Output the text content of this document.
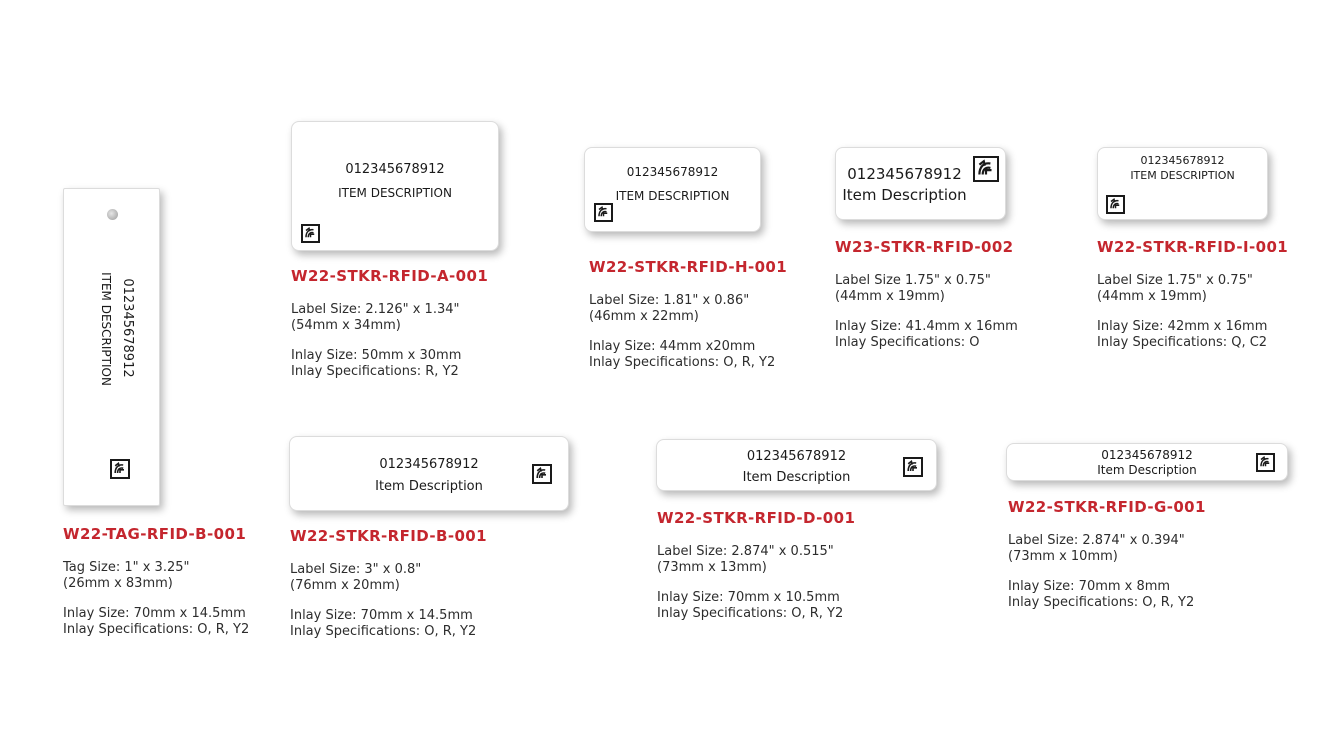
012345678912
ITEM DESCRIPTION
W22-TAG-RFID-B-001
Tag Size: 1" x 3.25"
(26mm x 83mm)
Inlay Size: 70mm x 14.5mm
Inlay Specifications: O, R, Y2
012345678912
ITEM DESCRIPTION
W22-STKR-RFID-A-001
Label Size: 2.126" x 1.34"
(54mm x 34mm)
Inlay Size: 50mm x 30mm
Inlay Specifications: R, Y2
012345678912
ITEM DESCRIPTION
W22-STKR-RFID-H-001
Label Size: 1.81" x 0.86"
(46mm x 22mm)
Inlay Size: 44mm x20mm
Inlay Specifications: O, R, Y2
012345678912
Item Description
W23-STKR-RFID-002
Label Size 1.75" x 0.75"
(44mm x 19mm)
Inlay Size: 41.4mm x 16mm
Inlay Specifications: O
012345678912
ITEM DESCRIPTION
W22-STKR-RFID-I-001
Label Size 1.75" x 0.75"
(44mm x 19mm)
Inlay Size: 42mm x 16mm
Inlay Specifications: Q, C2
012345678912
Item Description
W22-STKR-RFID-B-001
Label Size: 3" x 0.8"
(76mm x 20mm)
Inlay Size: 70mm x 14.5mm
Inlay Specifications: O, R, Y2
012345678912
Item Description
W22-STKR-RFID-D-001
Label Size: 2.874" x 0.515"
(73mm x 13mm)
Inlay Size: 70mm x 10.5mm
Inlay Specifications: O, R, Y2
012345678912
Item Description
W22-STKR-RFID-G-001
Label Size: 2.874" x 0.394"
(73mm x 10mm)
Inlay Size: 70mm x 8mm
Inlay Specifications: O, R, Y2
